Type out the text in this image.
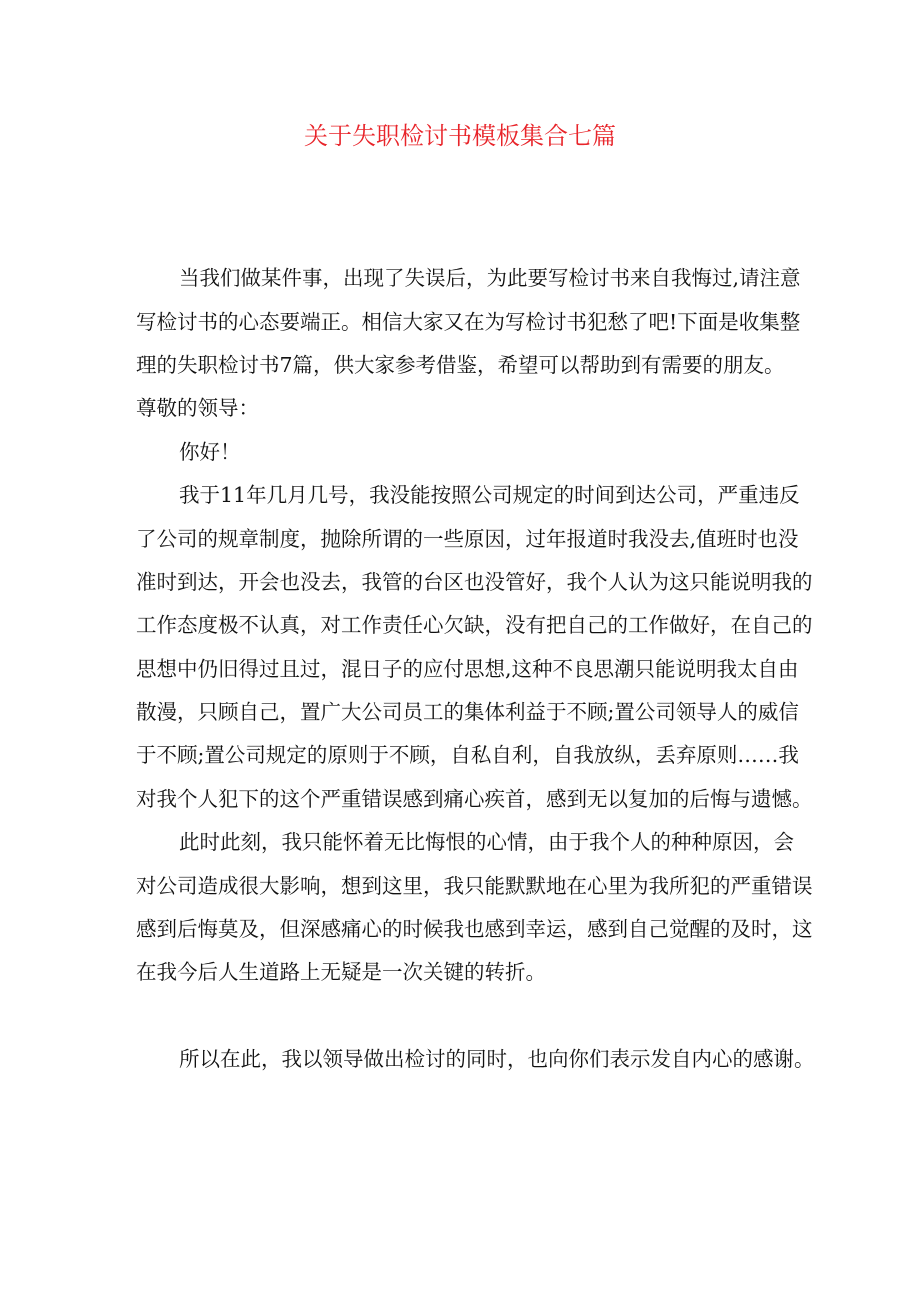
关于失职检讨书模板集合七篇
当我们做某件事，出现了失误后，为此要写检讨书来自我悔过,请注意
写检讨书的心态要端正。相信大家又在为写检讨书犯愁了吧!下面是收集整
理的失职检讨书7篇，供大家参考借鉴，希望可以帮助到有需要的朋友。
尊敬的领导：
你好！
我于11年几月几号，我没能按照公司规定的时间到达公司，严重违反
了公司的规章制度，抛除所谓的一些原因，过年报道时我没去,值班时也没
准时到达，开会也没去，我管的台区也没管好，我个人认为这只能说明我的
工作态度极不认真，对工作责任心欠缺，没有把自己的工作做好，在自己的
思想中仍旧得过且过，混日子的应付思想,这种不良思潮只能说明我太自由
散漫，只顾自己，置广大公司员工的集体利益于不顾;置公司领导人的威信
于不顾;置公司规定的原则于不顾，自私自利，自我放纵，丢弃原则……我
对我个人犯下的这个严重错误感到痛心疾首，感到无以复加的后悔与遗憾。
此时此刻，我只能怀着无比悔恨的心情，由于我个人的种种原因，会
对公司造成很大影响，想到这里，我只能默默地在心里为我所犯的严重错误
感到后悔莫及，但深感痛心的时候我也感到幸运，感到自己觉醒的及时，这
在我今后人生道路上无疑是一次关键的转折。
所以在此，我以领导做出检讨的同时，也向你们表示发自内心的感谢。
